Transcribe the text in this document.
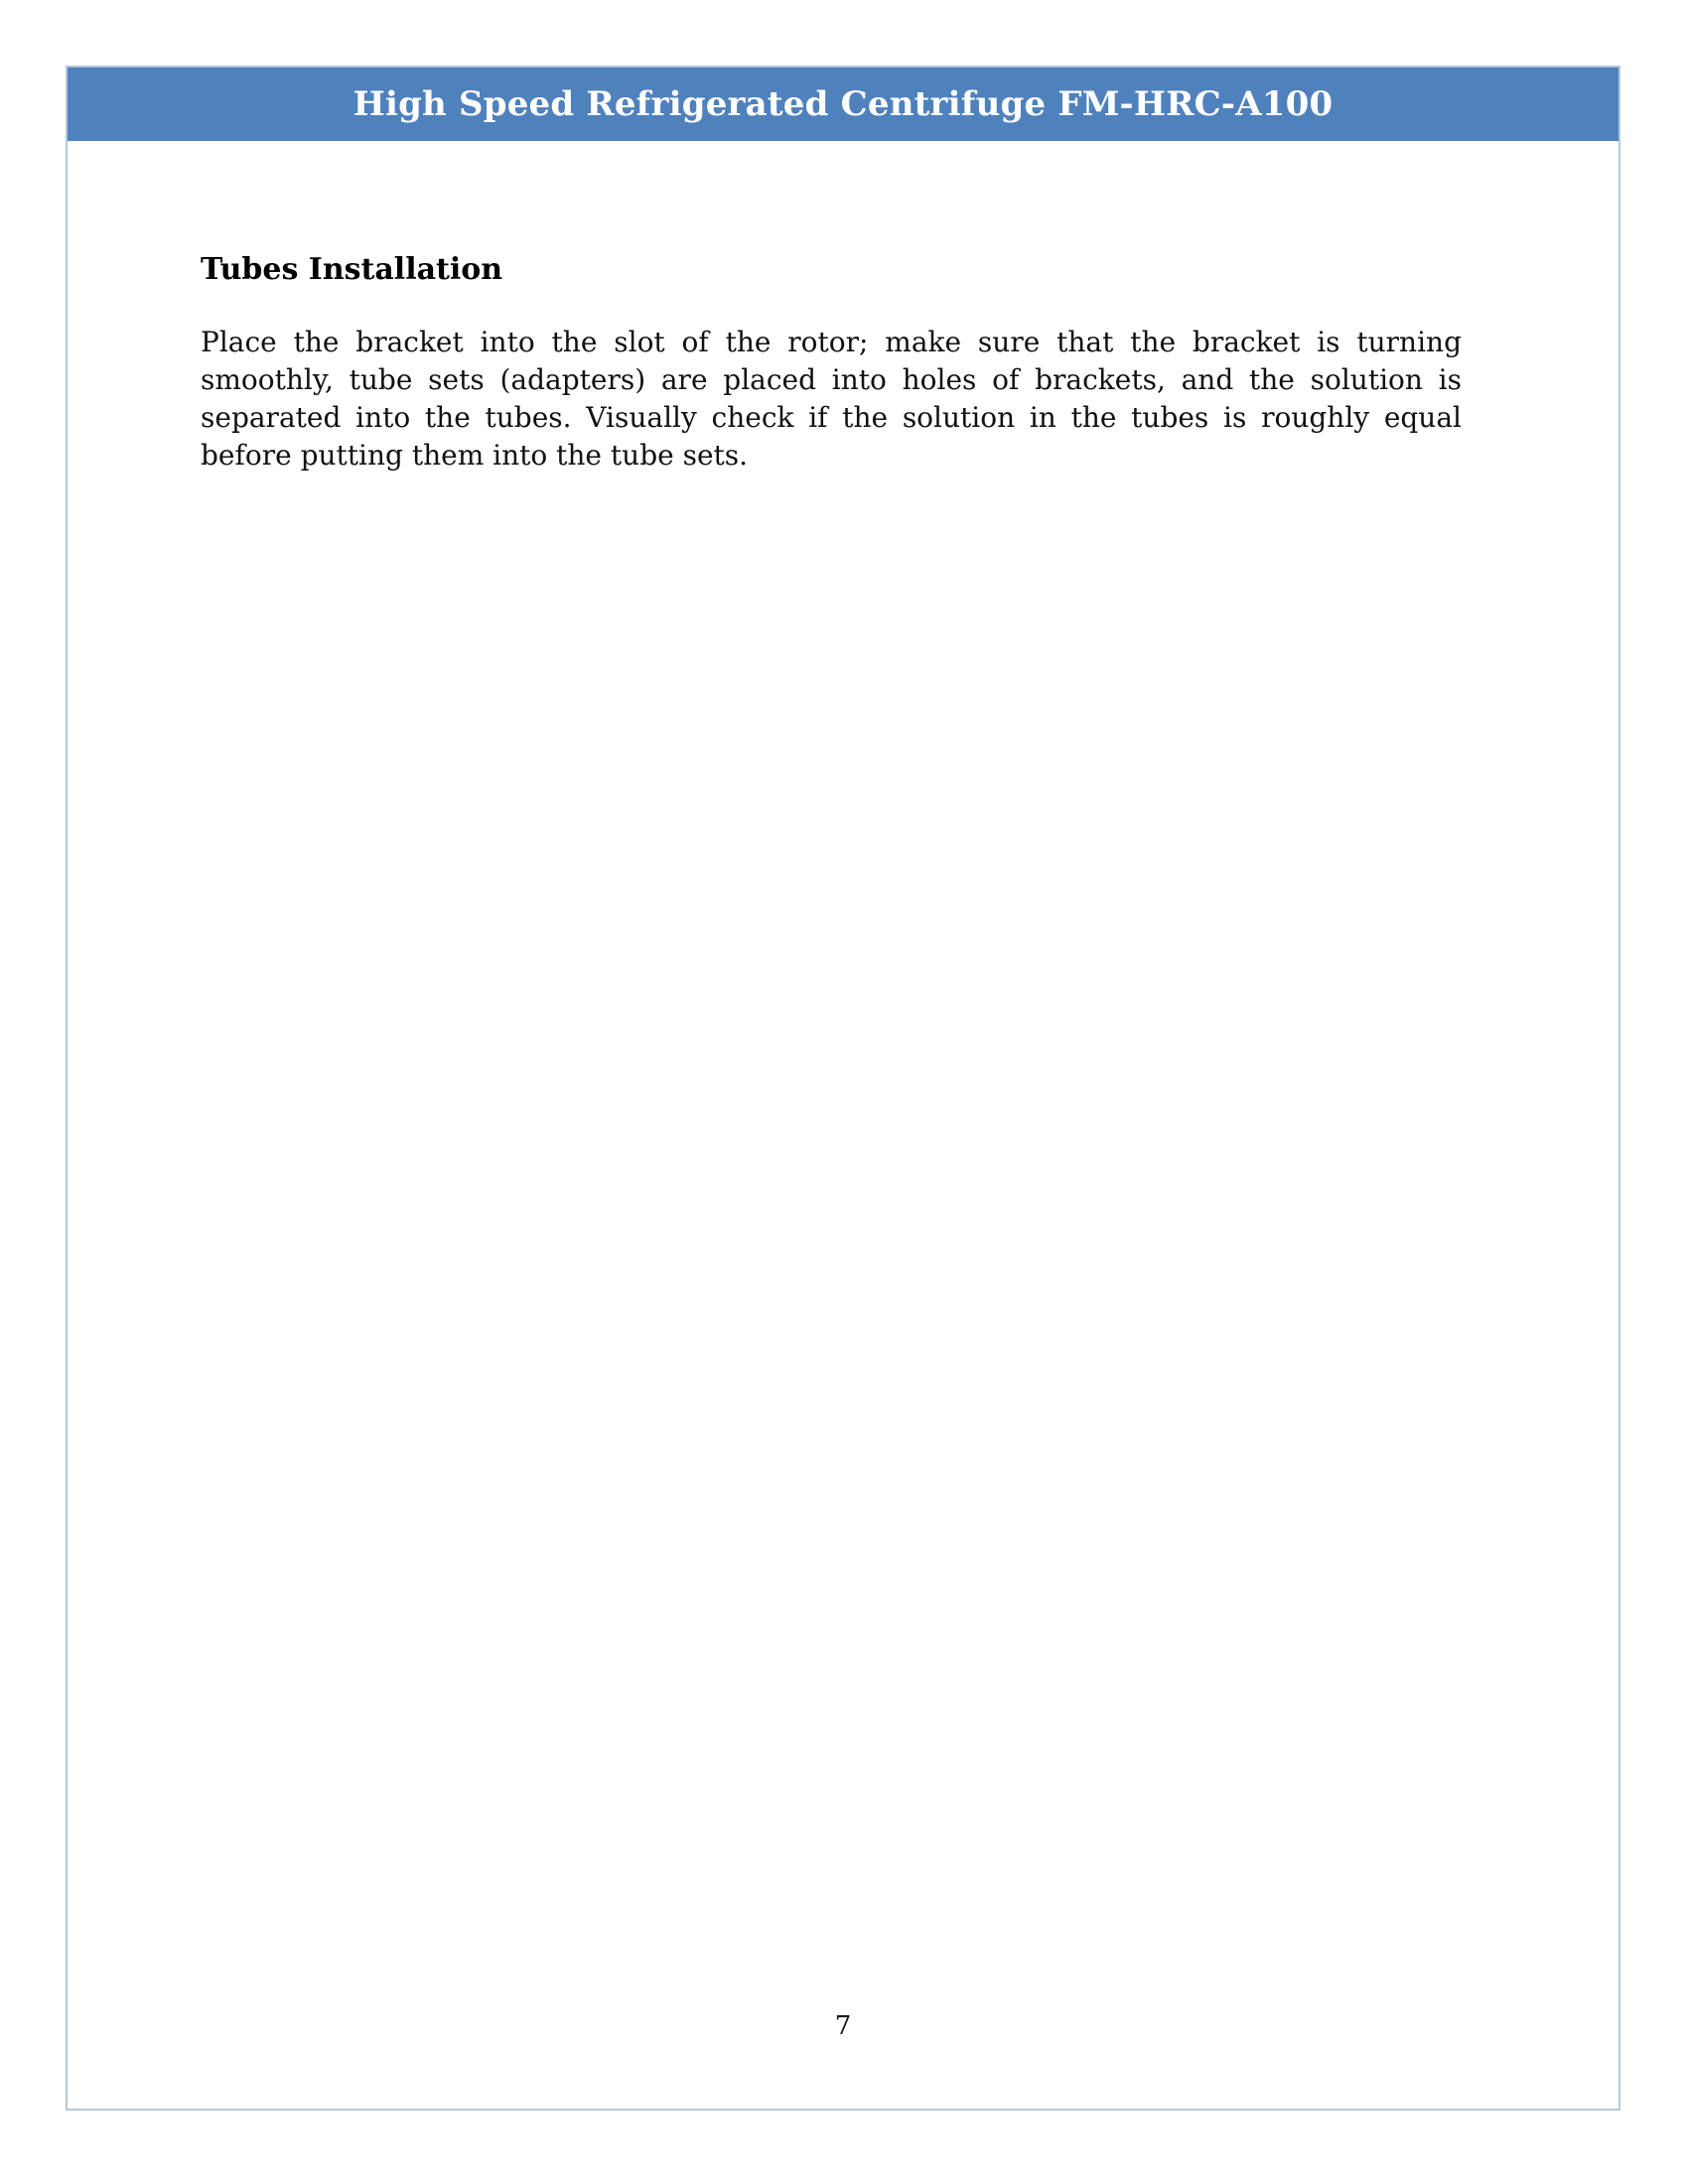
High Speed Refrigerated Centrifuge FM-HRC-A100
Tubes Installation

Place the bracket into the slot of the rotor; make sure that the bracket is turning smoothly, tube sets (adapters) are placed into holes of brackets, and the solution is separated into the tubes. Visually check if the solution in the tubes is roughly equal before putting them into the tube sets.

7
